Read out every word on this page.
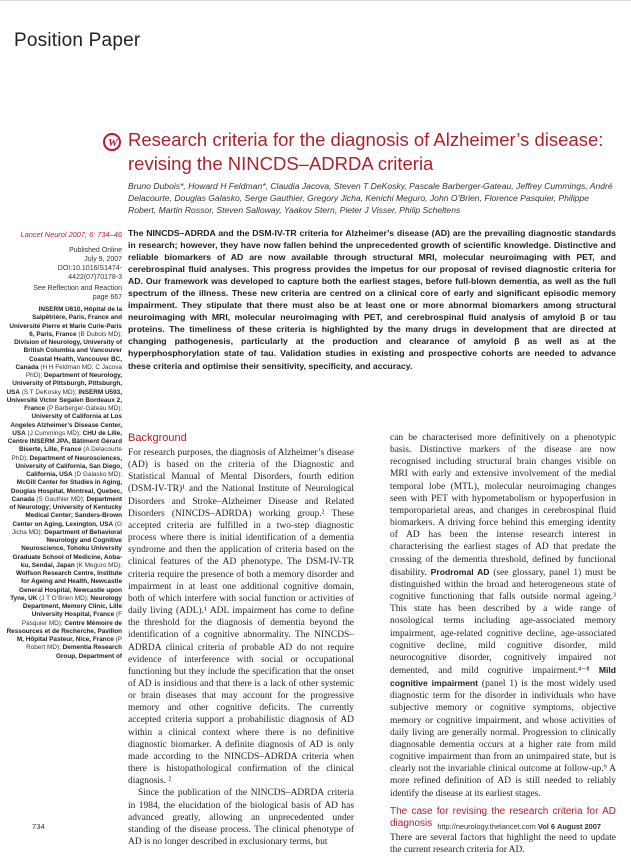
Position Paper
W Research criteria for the diagnosis of Alzheimer’s disease: revising the NINCDS–ADRDA criteria
Bruno Dubois*, Howard H Feldman*, Claudia Jacova, Steven T DeKosky, Pascale Barberger-Gateau, Jeffrey Cummings, André Delacourte, Douglas Galasko, Serge Gauthier, Gregory Jicha, Kenichi Meguro, John O’Brien, Florence Pasquier, Philippe Robert, Martin Rossor, Steven Salloway, Yaakov Stern, Pieter J Visser, Philip Scheltens
Lancet Neurol 2007; 6: 734–46
Published Online
July 9, 2007
DOI:10.1016/S1474-
4422(07)70178-3
See Reflection and Reaction
page 667
INSERM U610, Hôpital de la Salpêtrière, Paris, France and Université Pierre et Marie Curie-Paris 6, Paris, France (B Dubois MD); Division of Neurology, University of British Columbia and Vancouver Coastal Health, Vancouver BC, Canada (H H Feldman MD, C Jacova PhD); Department of Neurology, University of Pittsburgh, Pittsburgh, USA (S T DeKosky MD); INSERM U593, Université Victor Segalen Bordeaux 2, France (P Barberger-Gateau MD); University of California at Los Angeles Alzheimer’s Disease Center, USA (J Cummings MD); CHU de Lille, Centre INSERM JPA, Bâtiment Gérard Biserte, Lille, France (A Delacourte PhD); Department of Neurosciences, University of California, San Diego, California, USA (D Galasko MD); McGill Center for Studies in Aging, Douglas Hospital, Montreal, Quebec, Canada (S Gauthier MD); Department of Neurology; University of Kentucky Medical Center; Sanders-Brown Center on Aging, Lexington, USA (G Jicha MD); Department of Behavioral Neurology and Cognitive Neuroscience, Tohoku University Graduate School of Medicine, Aoba-ku, Sendai, Japan (K Meguro MD); Wolfson Research Centre, Institute for Ageing and Health, Newcastle General Hospital, Newcastle upon Tyne, UK (J T O’Brien MD); Neurology Department, Memory Clinic, Lille University Hospital, France (F Pasquier MD); Centre Mémoire de Ressources et de Recherche, Pavillon M, Hôpital Pasteur, Nice, France (P Robert MD); Dementia Research Group, Department of
The NINCDS–ADRDA and the DSM-IV-TR criteria for Alzheimer’s disease (AD) are the prevailing diagnostic standards in research; however, they have now fallen behind the unprecedented growth of scientific knowledge. Distinctive and reliable biomarkers of AD are now available through structural MRI, molecular neuroimaging with PET, and cerebrospinal fluid analyses. This progress provides the impetus for our proposal of revised diagnostic criteria for AD. Our framework was developed to capture both the earliest stages, before full-blown dementia, as well as the full spectrum of the illness. These new criteria are centred on a clinical core of early and significant episodic memory impairment. They stipulate that there must also be at least one or more abnormal biomarkers among structural neuroimaging with MRI, molecular neuroimaging with PET, and cerebrospinal fluid analysis of amyloid β or tau proteins. The timeliness of these criteria is highlighted by the many drugs in development that are directed at changing pathogenesis, particularly at the production and clearance of amyloid β as well as at the hyperphosphorylation state of tau. Validation studies in existing and prospective cohorts are needed to advance these criteria and optimise their sensitivity, specificity, and accuracy.
Background

For research purposes, the diagnosis of Alzheimer’s disease (AD) is based on the criteria of the Diagnostic and Statistical Manual of Mental Disorders, fourth edition (DSM-IV-TR)¹ and the National Institute of Neurological Disorders and Stroke–Alzheimer Disease and Related Disorders (NINCDS–ADRDA) working group.² These accepted criteria are fulfilled in a two-step diagnostic process where there is initial identification of a dementia syndrome and then the application of criteria based on the clinical features of the AD phenotype. The DSM-IV-TR criteria require the presence of both a memory disorder and impairment in at least one additional cognitive domain, both of which interfere with social function or activities of daily living (ADL).¹ ADL impairment has come to define the threshold for the diagnosis of dementia beyond the identification of a cognitive abnormality. The NINCDS–ADRDA clinical criteria of probable AD do not require evidence of interference with social or occupational functioning but they include the specification that the onset of AD is insidious and that there is a lack of other systemic or brain diseases that may account for the progressive memory and other cognitive deficits. The currently accepted criteria support a probabilistic diagnosis of AD within a clinical context where there is no definitive diagnostic biomarker. A definite diagnosis of AD is only made according to the NINCDS–ADRDA criteria when there is histopathological confirmation of the clinical diagnosis. ²

Since the publication of the NINCDS–ADRDA criteria in 1984, the elucidation of the biological basis of AD has advanced greatly, allowing an unprecedented under standing of the disease process. The clinical phenotype of AD is no longer described in exclusionary terms, but

can be characterised more definitively on a phenotypic basis. Distinctive markers of the disease are now recognised including structural brain changes visible on MRI with early and extensive involvement of the medial temporal lobe (MTL), molecular neuroimaging changes seen with PET with hypometabolism or hypoperfusion in temporoparietal areas, and changes in cerebrospinal fluid biomarkers. A driving force behind this emerging identity of AD has been the intense research interest in characterising the earliest stages of AD that predate the crossing of the dementia threshold, defined by functional disability. Prodromal AD (see glossary, panel 1) must be distinguished within the broad and heterogeneous state of cognitive functioning that falls outside normal ageing.³ This state has been described by a wide range of nosological terms including age-associated memory impairment, age-related cognitive decline, age-associated cognitive decline, mild cognitive disorder, mild neurocognitive disorder, cognitively impaired not demented, and mild cognitive impairment.⁴⁻⁸ Mild cognitive impairment (panel 1) is the most widely used diagnostic term for the disorder in individuals who have subjective memory or cognitive symptoms, objective memory or cognitive impairment, and whose activities of daily living are generally normal. Progression to clinically diagnosable dementia occurs at a higher rate from mild cognitive impairment than from an unimpaired state, but is clearly not the invariable clinical outcome at follow-up.⁹ A more refined definition of AD is still needed to reliably identify the disease at its earliest stages.

The case for revising the research criteria for AD diagnosis

There are several factors that highlight the need to update the current research criteria for AD.

734	http://neurology.thelancet.com Vol 6 August 2007
